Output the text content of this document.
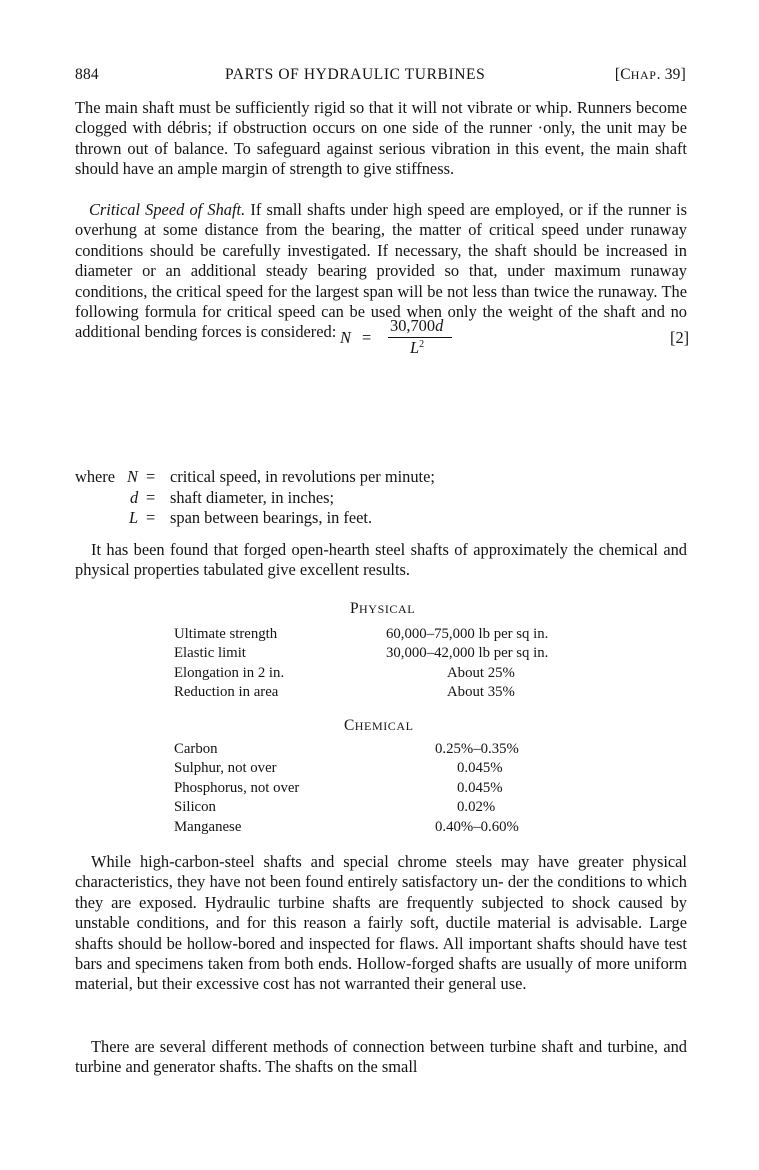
884	PARTS OF HYDRAULIC TURBINES	[CHAP. 39]

The main shaft must be sufficiently rigid so that it will not vibrate or whip. Runners become clogged with débris; if obstruction occurs on one side of the runner ·only, the unit may be thrown out of balance. To safeguard against serious vibration in this event, the main shaft should have an ample margin of strength to give stiffness.

Critical Speed of Shaft. If small shafts under high speed are employed, or if the runner is overhung at some distance from the bearing, the matter of critical speed under runaway conditions should be carefully investigated. If necessary, the shaft should be increased in diameter or an additional steady bearing provided so that, under maximum runaway conditions, the critical speed for the largest span will be not less than twice the runaway. The following formula for critical speed can be used when only the weight of the shaft and no additional bending forces is considered: N =
30,700d
$L^2$	[2]
where N = critical speed, in revolutions per minute;
d = shaft diameter, in inches;
L = span between bearings, in feet.

It has been found that forged open-hearth steel shafts of approximately the chemical and physical properties tabulated give excellent results.

PHYSICAL
Ultimate strength	60,000–75,000 lb per sq in.
Elastic limit	30,000–42,000 lb per sq in.
Elongation in 2 in.	About 25%
Reduction in area	About 35%
CHEMICAL
Carbon	0.25%–0.35%
Sulphur, not over	0.045%
Phosphorus, not over	0.045%
Silicon	0.02%
Manganese	0.40%–0.60%

While high-carbon-steel shafts and special chrome steels may have greater physical characteristics, they have not been found entirely satisfactory un- der the conditions to which they are exposed. Hydraulic turbine shafts are frequently subjected to shock caused by unstable conditions, and for this reason a fairly soft, ductile material is advisable. Large shafts should be hollow-bored and inspected for flaws. All important shafts should have test bars and specimens taken from both ends. Hollow-forged shafts are usually of more uniform material, but their excessive cost has not warranted their general use.

There are several different methods of connection between turbine shaft and turbine, and turbine and generator shafts. The shafts on the small
